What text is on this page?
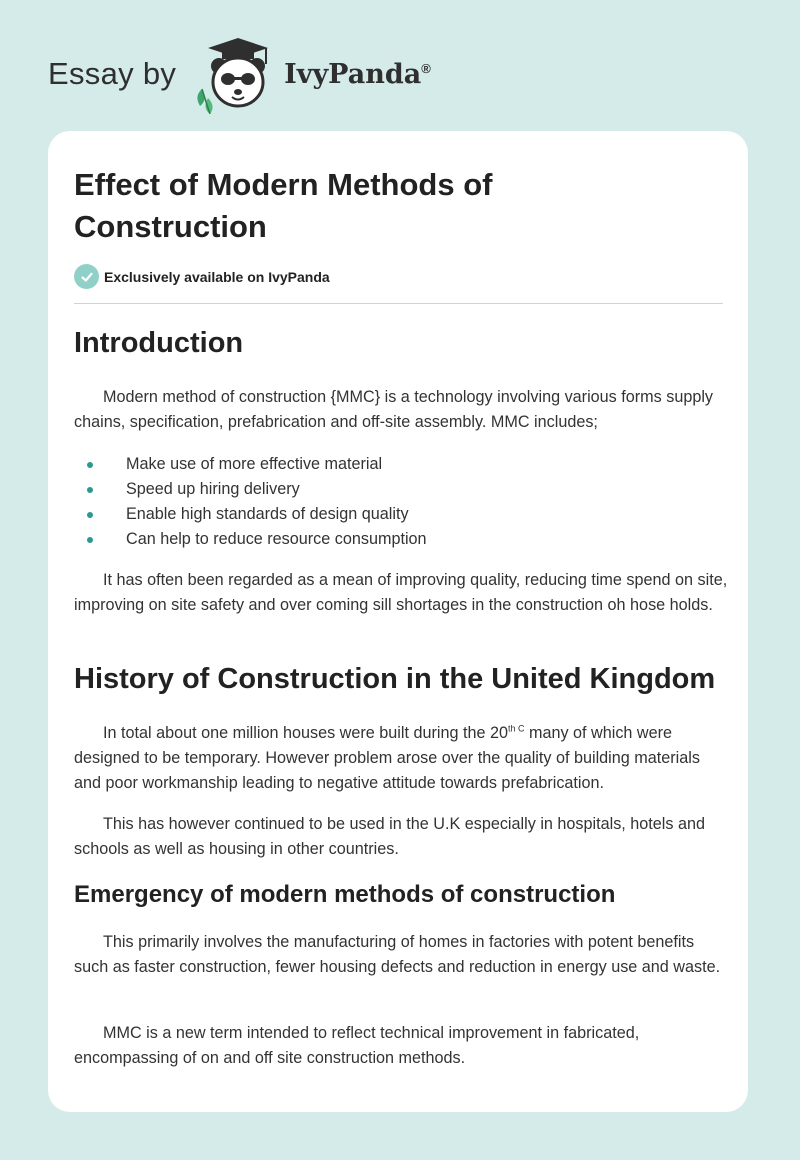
Essay by	IvyPanda®
Effect of Modern Methods of Construction
Exclusively available on IvyPanda
Introduction

Modern method of construction {MMC} is a technology involving various forms supply chains, specification, prefabrication and off-site assembly. MMC includes;

Make use of more effective material
Speed up hiring delivery
Enable high standards of design quality
Can help to reduce resource consumption

It has often been regarded as a mean of improving quality, reducing time spend on site, improving on site safety and over coming sill shortages in the construction oh hose holds.

History of Construction in the United Kingdom

In total about one million houses were built during the $20^{th C}$ many of which were designed to be temporary. However problem arose over the quality of building materials and poor workmanship leading to negative attitude towards prefabrication.

This has however continued to be used in the U.K especially in hospitals, hotels and schools as well as housing in other countries.

Emergency of modern methods of construction

This primarily involves the manufacturing of homes in factories with potent benefits such as faster construction, fewer housing defects and reduction in energy use and waste.

MMC is a new term intended to reflect technical improvement in fabricated, encompassing of on and off site construction methods.
